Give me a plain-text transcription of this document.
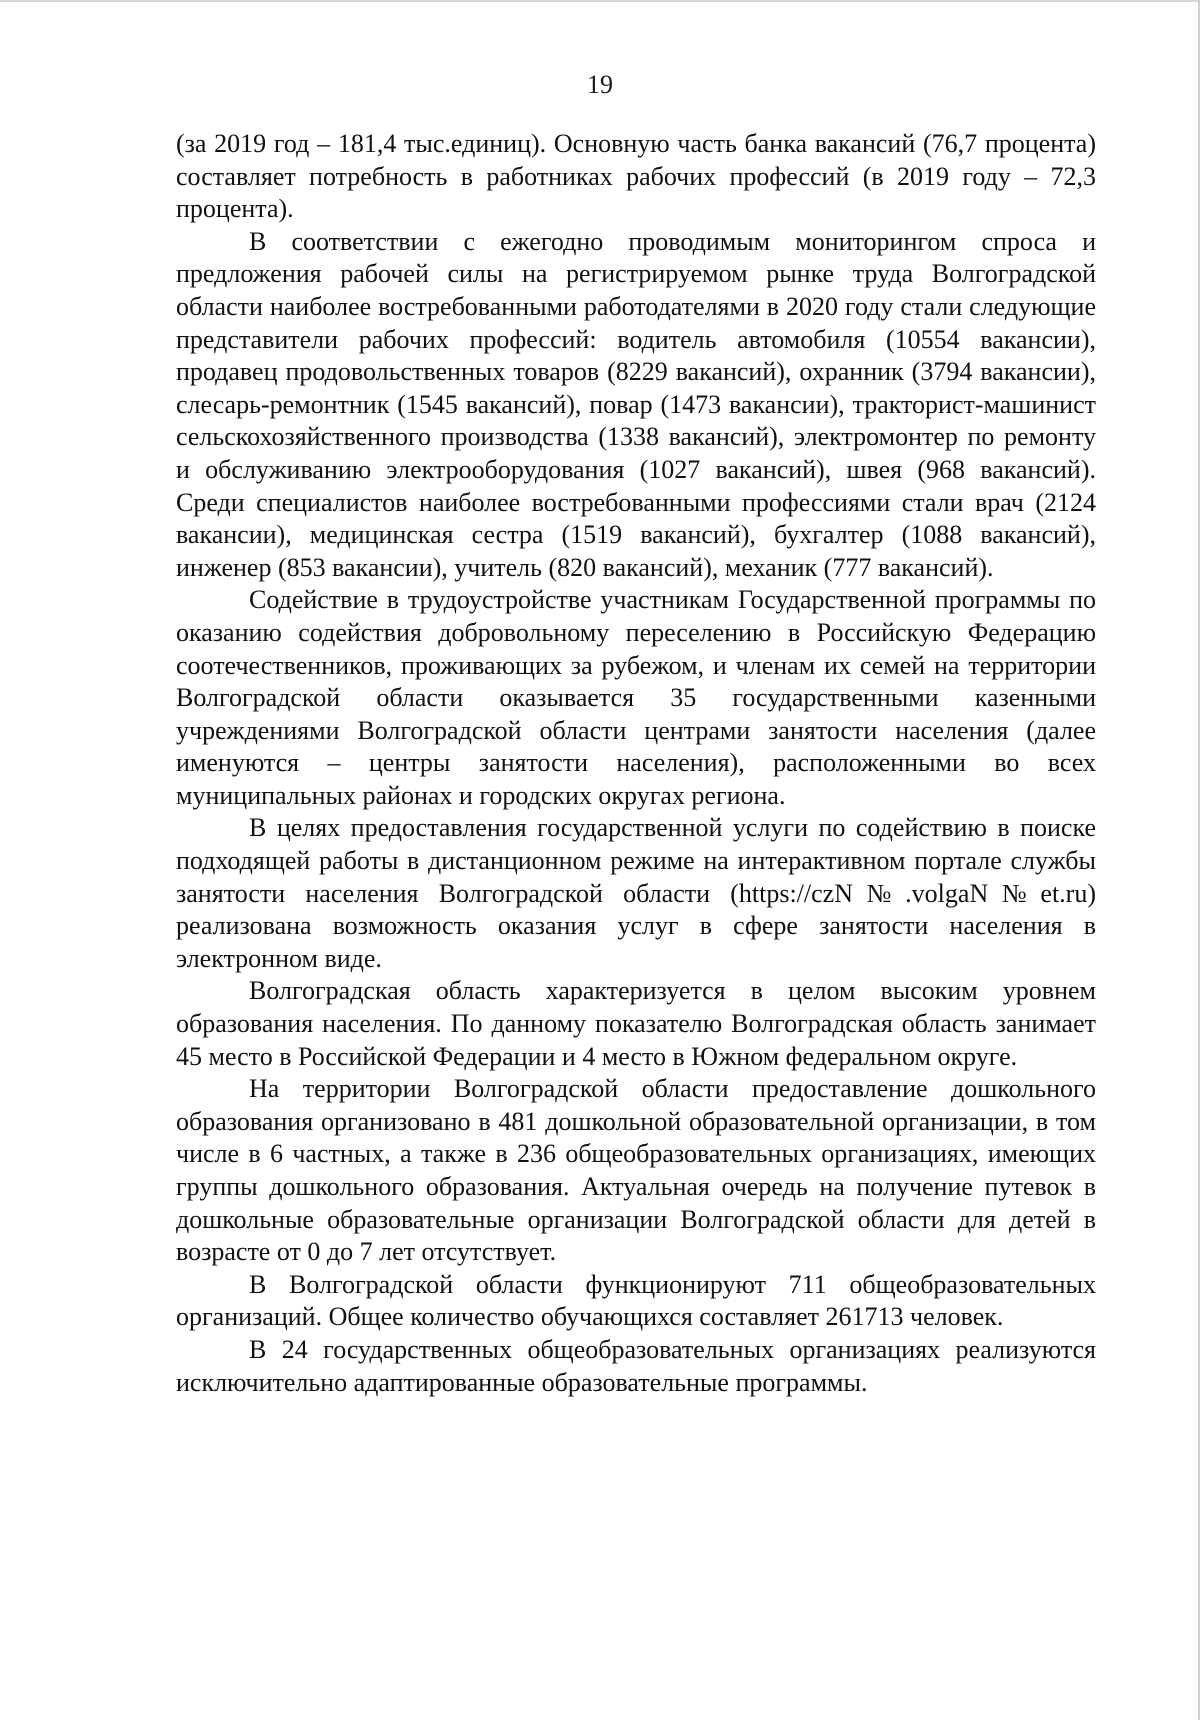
19

(за 2019 год – 181,4 тыс.единиц). Основную часть банка вакансий (76,7 процента) составляет потребность в работниках рабочих профессий (в 2019 году – 72,3 процента).

В соответствии с ежегодно проводимым мониторингом спроса и предложения рабочей силы на регистрируемом рынке труда Волгоградской области наиболее востребованными работодателями в 2020 году стали следующие представители рабочих профессий: водитель автомобиля (10554 вакансии), продавец продовольственных товаров (8229 вакансий), охранник (3794 вакансии), слесарь-ремонтник (1545 вакансий), повар (1473 вакансии), тракторист-машинист сельскохозяйственного производства (1338 вакансий), электромонтер по ремонту и обслуживанию электрооборудования (1027 вакансий), швея (968 вакансий). Среди специалистов наиболее востребованными профессиями стали врач (2124 вакансии), медицинская сестра (1519 вакансий), бухгалтер (1088 вакансий), инженер (853 вакансии), учитель (820 вакансий), механик (777 вакансий).

Содействие в трудоустройстве участникам Государственной программы по оказанию содействия добровольному переселению в Российскую Федерацию соотечественников, проживающих за рубежом, и членам их семей на территории Волгоградской области оказывается 35 государственными казенными учреждениями Волгоградской области центрами занятости населения (далее именуются – центры занятости населения), расположенными во всех муниципальных районах и городских округах региона.

В целях предоставления государственной услуги по содействию в поиске подходящей работы в дистанционном режиме на интерактивном портале службы занятости населения Волгоградской области (https://czN№.volgaN№et.ru) реализована возможность оказания услуг в сфере занятости населения в электронном виде.

Волгоградская область характеризуется в целом высоким уровнем образования населения. По данному показателю Волгоградская область занимает 45 место в Российской Федерации и 4 место в Южном федеральном округе.

На территории Волгоградской области предоставление дошкольного образования организовано в 481 дошкольной образовательной организации, в том числе в 6 частных, а также в 236 общеобразовательных организациях, имеющих группы дошкольного образования. Актуальная очередь на получение путевок в дошкольные образовательные организации Волгоградской области для детей в возрасте от 0 до 7 лет отсутствует.

В Волгоградской области функционируют 711 общеобразовательных организаций. Общее количество обучающихся составляет 261713 человек.

В 24 государственных общеобразовательных организациях реализуются исключительно адаптированные образовательные программы.
